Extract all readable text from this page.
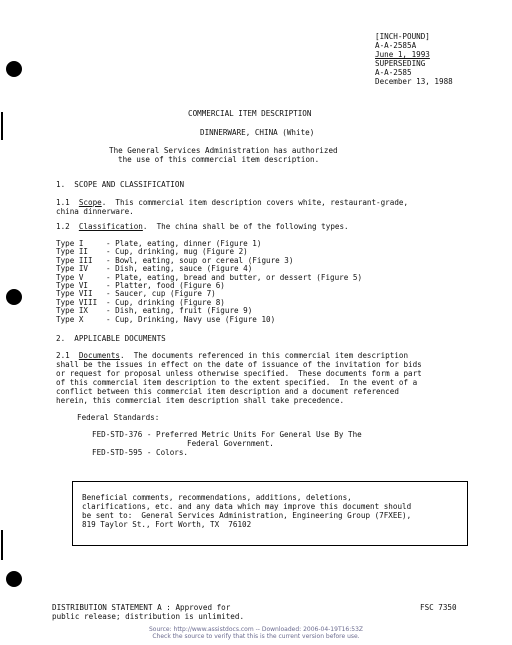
[INCH-POUND]
A-A-2585A
June 1, 1993
SUPERSEDING
A-A-2585
December 13, 1988
COMMERCIAL ITEM DESCRIPTION
DINNERWARE, CHINA (White)
The General Services Administration has authorized
the use of this commercial item description.
1.  SCOPE AND CLASSIFICATION
1.1  Scope.  This commercial item description covers white, restaurant-grade,
china dinnerware.
1.2  Classification.  The china shall be of the following types.
Type I	- Plate, eating, dinner (Figure 1)
Type II - Cup, drinking, mug (Figure 2)
Type III - Bowl, eating, soup or cereal (Figure 3)
Type IV - Dish, eating, sauce (Figure 4)
Type V	- Plate, eating, bread and butter, or dessert (Figure 5)
Type VI - Platter, food (Figure 6)
Type VII - Saucer, cup (Figure 7)
Type VIII - Cup, drinking (Figure 8)
Type IX - Dish, eating, fruit (Figure 9)
Type X	- Cup, Drinking, Navy use (Figure 10)
2.  APPLICABLE DOCUMENTS
2.1  Documents.  The documents referenced in this commercial item description
shall be the issues in effect on the date of issuance of the invitation for bids
or request for proposal unless otherwise specified.  These documents form a part
of this commercial item description to the extent specified.  In the event of a
conflict between this commercial item description and a document referenced
herein, this commercial item description shall take precedence.
Federal Standards:
FED-STD-376 - Preferred Metric Units For General Use By The
Federal Government.
FED-STD-595 - Colors.
Beneficial comments, recommendations, additions, deletions,
clarifications, etc. and any data which may improve this document should
be sent to:  General Services Administration, Engineering Group (7FXEE),
819 Taylor St., Fort Worth, TX  76102
DISTRIBUTION STATEMENT A : Approved for
public release; distribution is unlimited.
FSC 7350
Source: http://www.assistdocs.com -- Downloaded: 2006-04-19T16:53Z
Check the source to verify that this is the current version before use.
